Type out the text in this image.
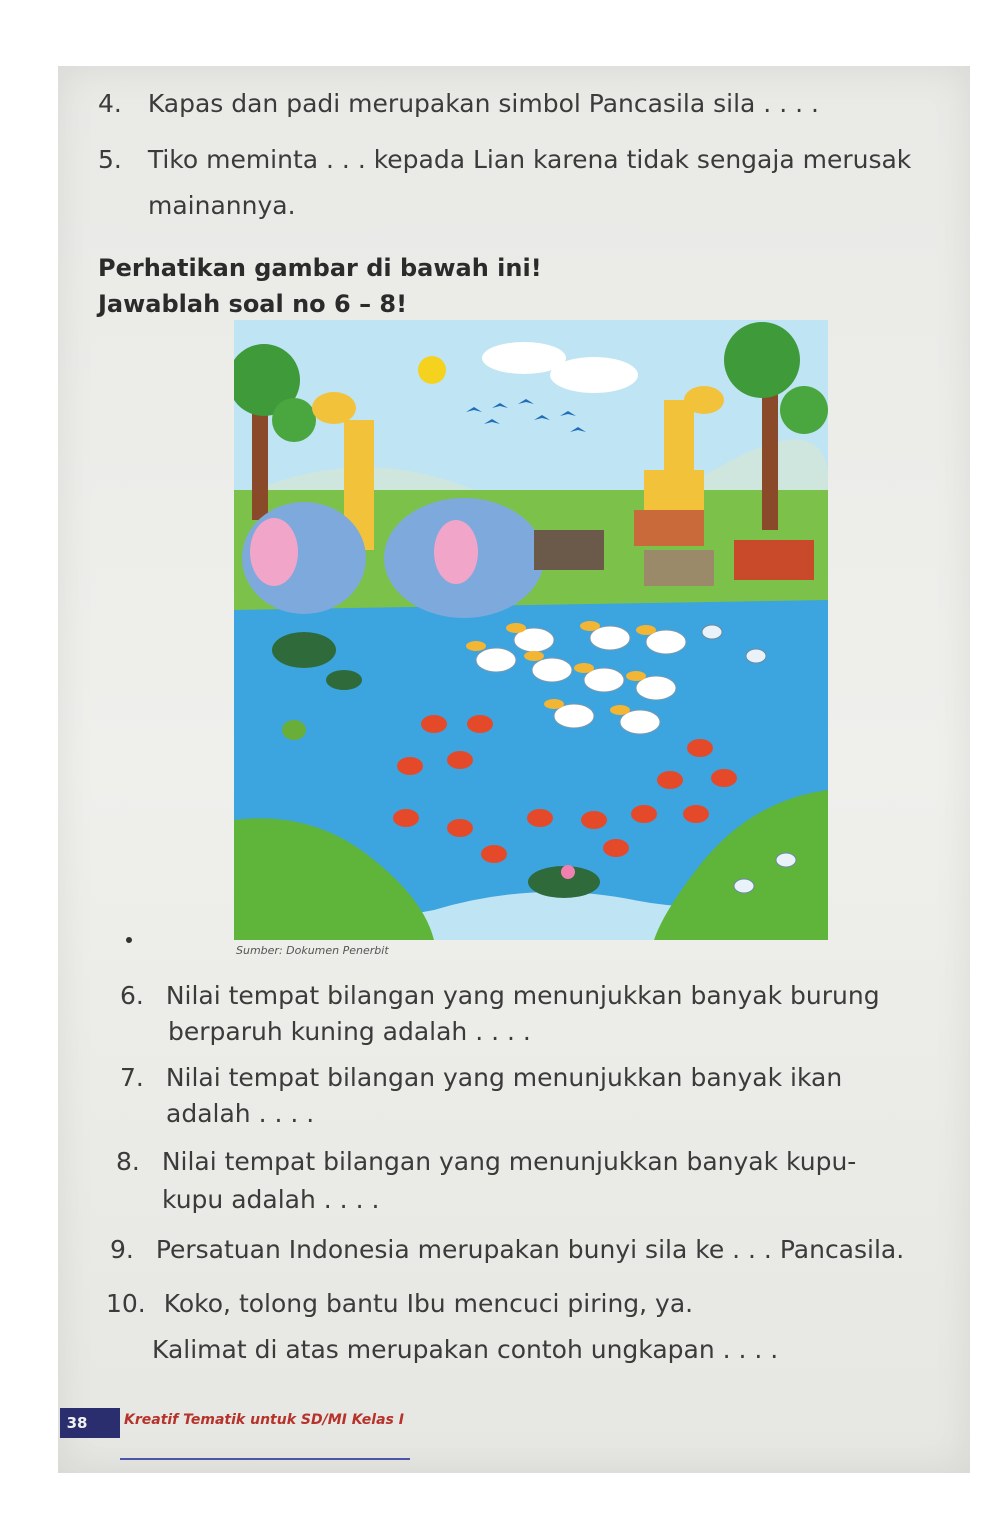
4. Kapas dan padi merupakan simbol Pancasila sila . . . .
5. Tiko meminta . . . kepada Lian karena tidak sengaja merusak
mainannya.
Perhatikan gambar di bawah ini!
Jawablah soal no 6 – 8!
Sumber: Dokumen Penerbit
6. Nilai tempat bilangan yang menunjukkan banyak burung
berparuh kuning adalah . . . .
7. Nilai tempat bilangan yang menunjukkan banyak ikan
adalah . . . .
8. Nilai tempat bilangan yang menunjukkan banyak kupu-
kupu adalah . . . .
9. Persatuan Indonesia merupakan bunyi sila ke . . . Pancasila.
10. Koko, tolong bantu Ibu mencuci piring, ya.
Kalimat di atas merupakan contoh ungkapan . . . .
38	Kreatif Tematik untuk SD/MI Kelas I
